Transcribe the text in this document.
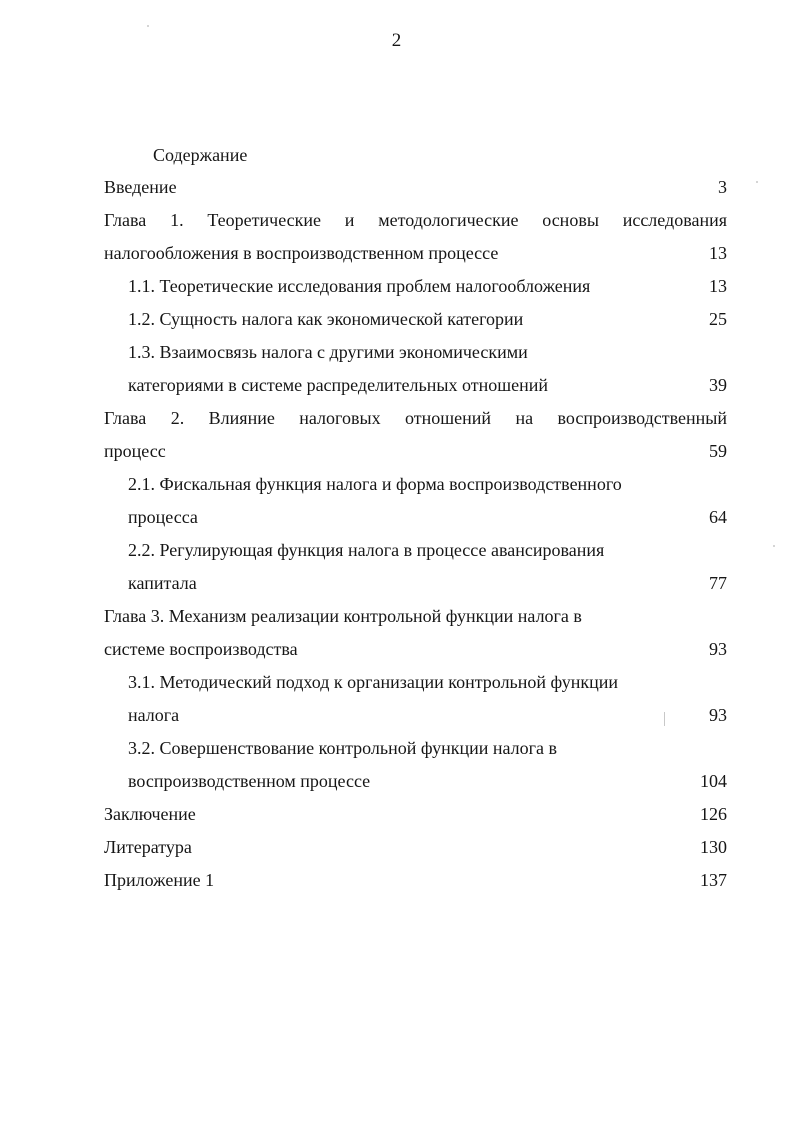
2
Содержание
Введение	3
Глава 1. Теоретические и методологические основы исследования
налогообложения в воспроизводственном процессе	13
1.1. Теоретические исследования проблем налогообложения	13
1.2. Сущность налога как экономической категории	25
1.3. Взаимосвязь налога с другими экономическими
категориями в системе распределительных отношений	39
Глава 2. Влияние налоговых отношений на воспроизводственный
процесс	59
2.1. Фискальная функция налога и форма воспроизводственного
процесса	64
2.2. Регулирующая функция налога в процессе авансирования
капитала	77
Глава 3. Механизм реализации контрольной функции налога в
системе воспроизводства	93
3.1. Методический подход к организации контрольной функции
налога	93
3.2. Совершенствование контрольной функции налога в
воспроизводственном процессе	104
Заключение	126
Литература	130
Приложение 1	137
